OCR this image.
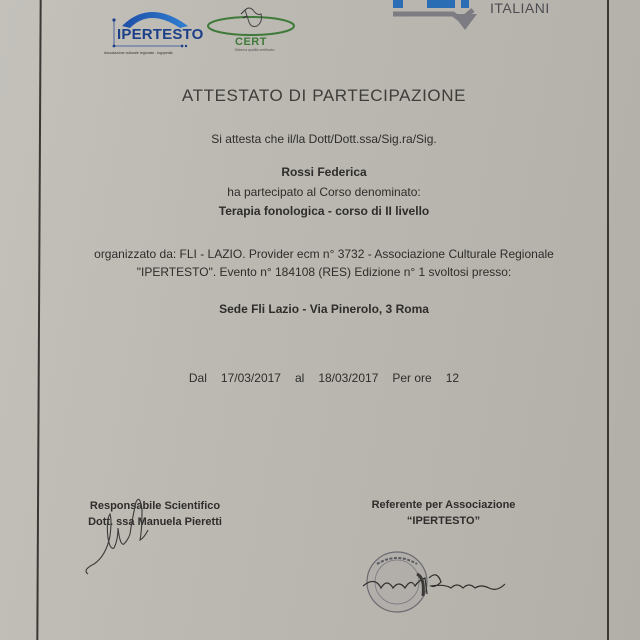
IPERTESTO
Associazione culturale regionale - logopedia
CERT
Sistema qualità certificato
ITALIANI
ATTESTATO DI PARTECIPAZIONE
Si attesta che il/la Dott/Dott.ssa/Sig.ra/Sig.
Rossi Federica
ha partecipato al Corso denominato:
Terapia fonologica - corso di II livello
organizzato da: FLI - LAZIO. Provider ecm n° 3732 - Associazione Culturale Regionale
"IPERTESTO". Evento n° 184108 (RES) Edizione n° 1 svoltosi presso:
Sede Fli Lazio - Via Pinerolo, 3 Roma
Dal 17/03/2017 al 18/03/2017 Per ore 12
Responsabile Scientifico
Dott. ssa Manuela Pieretti
Referente per Associazione
“IPERTESTO”
